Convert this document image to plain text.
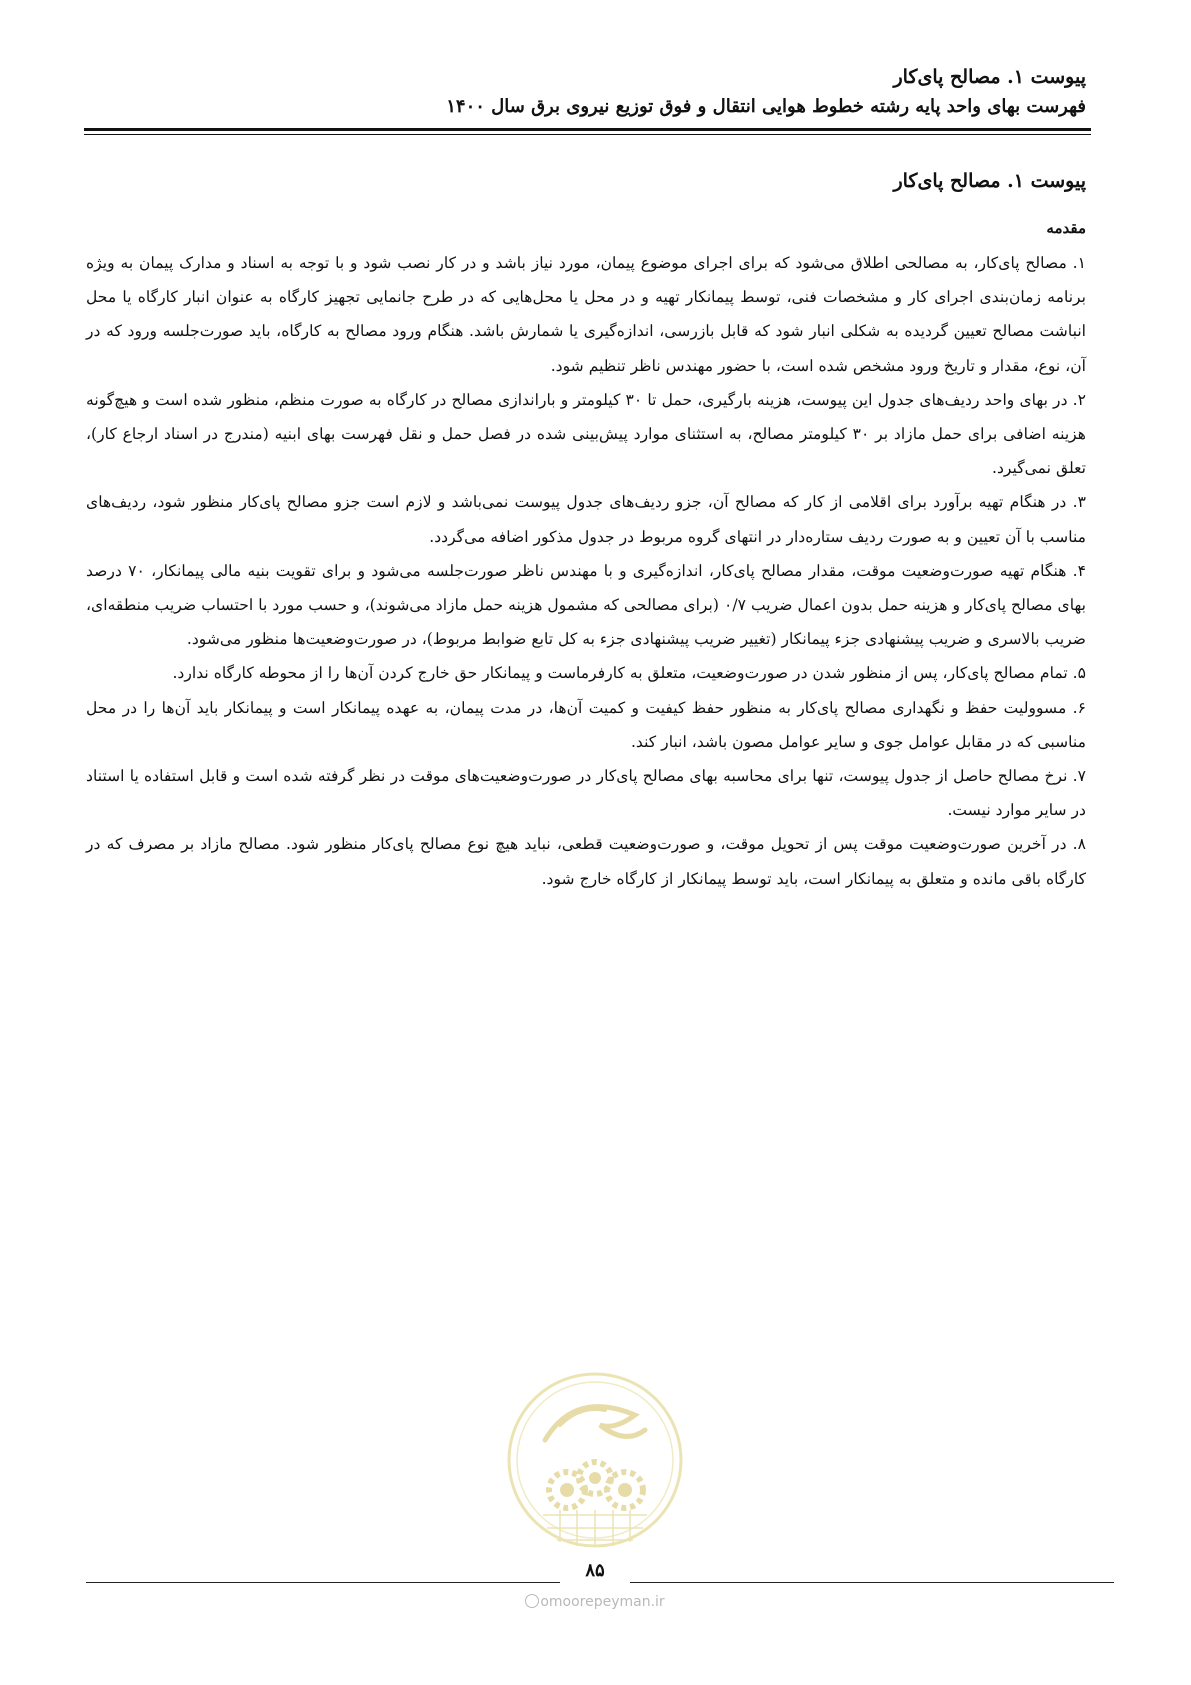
پیوست ۱. مصالح پای‌کار
فهرست بهای واحد پایه رشته خطوط هوایی انتقال و فوق توزیع نیروی برق سال ۱۴۰۰
پیوست ۱. مصالح پای‌کار
مقدمه

۱. مصالح پای‌کار، به مصالحی اطلاق می‌شود که برای اجرای موضوع پیمان، مورد نیاز باشد و در کار نصب شود و با توجه به اسناد و مدارک پیمان به ویژه برنامه زمان‌بندی اجرای کار و مشخصات فنی، توسط پیمانکار تهیه و در محل یا محل‌هایی که در طرح جانمایی تجهیز کارگاه به عنوان انبار کارگاه یا محل انباشت مصالح تعیین گردیده به شکلی انبار شود که قابل بازرسی، اندازه‌گیری یا شمارش باشد. هنگام ورود مصالح به کارگاه، باید صورت‌جلسه ورود که در آن، نوع، مقدار و تاریخ ورود مشخص شده است، با حضور مهندس ناظر تنظیم شود.

۲. در بهای واحد ردیف‌های جدول این پیوست، هزینه بارگیری، حمل تا ۳۰ کیلومتر و باراندازی مصالح در کارگاه به صورت منظم، منظور شده است و هیچ‌گونه هزینه اضافی برای حمل مازاد بر ۳۰ کیلومتر مصالح، به استثنای موارد پیش‌بینی شده در فصل حمل و نقل فهرست بهای ابنیه (مندرج در اسناد ارجاع کار)، تعلق نمی‌گیرد.

۳. در هنگام تهیه برآورد برای اقلامی از کار که مصالح آن، جزو ردیف‌های جدول پیوست نمی‌باشد و لازم است جزو مصالح پای‌کار منظور شود، ردیف‌های مناسب با آن تعیین و به صورت ردیف ستاره‌دار در انتهای گروه مربوط در جدول مذکور اضافه می‌گردد.

۴. هنگام تهیه صورت‌وضعیت موقت، مقدار مصالح پای‌کار، اندازه‌گیری و با مهندس ناظر صورت‌جلسه می‌شود و برای تقویت بنیه مالی پیمانکار، ۷۰ درصد بهای مصالح پای‌کار و هزینه حمل بدون اعمال ضریب ۰/۷ (برای مصالحی که مشمول هزینه حمل مازاد می‌شوند)، و حسب مورد با احتساب ضریب منطقه‌ای، ضریب بالاسری و ضریب پیشنهادی جزء پیمانکار (تغییر ضریب پیشنهادی جزء به کل تابع ضوابط مربوط)، در صورت‌وضعیت‌ها منظور می‌شود.

۵. تمام مصالح پای‌کار، پس از منظور شدن در صورت‌وضعیت، متعلق به کارفرماست و پیمانکار حق خارج کردن آن‌ها را از محوطه کارگاه ندارد.

۶. مسوولیت حفظ و نگهداری مصالح پای‌کار به منظور حفظ کیفیت و کمیت آن‌ها، در مدت پیمان، به عهده پیمانکار است و پیمانکار باید آن‌ها را در محل مناسبی که در مقابل عوامل جوی و سایر عوامل مصون باشد، انبار کند.

۷. نرخ مصالح حاصل از جدول پیوست، تنها برای محاسبه بهای مصالح پای‌کار در صورت‌وضعیت‌های موقت در نظر گرفته شده است و قابل استفاده یا استناد در سایر موارد نیست.

۸. در آخرین صورت‌وضعیت موقت پس از تحویل موقت، و صورت‌وضعیت قطعی، نباید هیچ نوع مصالح پای‌کار منظور شود. مصالح مازاد بر مصرف که در کارگاه باقی مانده و متعلق به پیمانکار است، باید توسط پیمانکار از کارگاه خارج شود.

۸۵
omoorepeyman.ir
